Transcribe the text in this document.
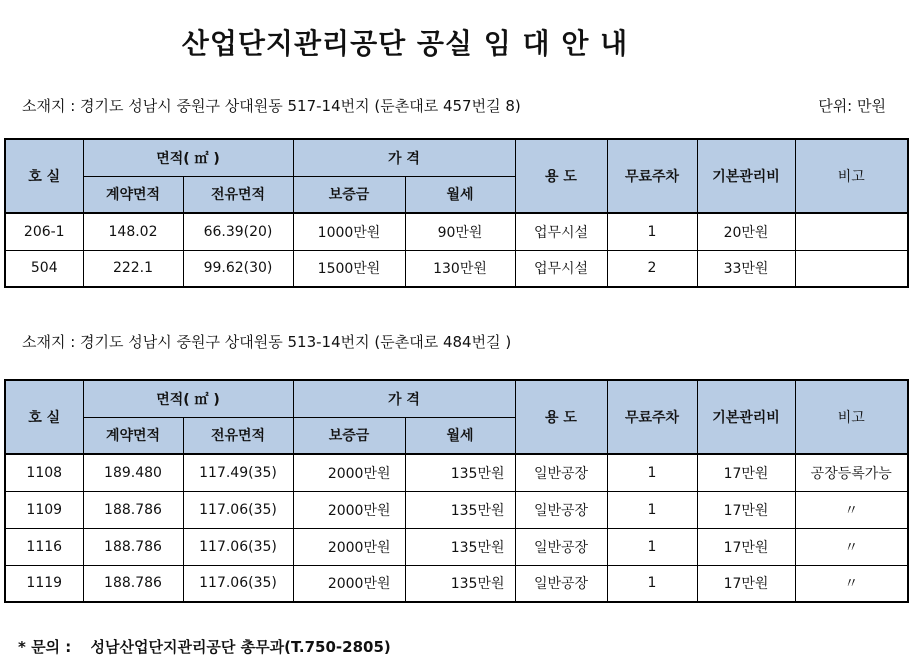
산업단지관리공단 공실 임 대 안 내
소재지 : 경기도 성남시 중원구 상대원동 517-14번지 (둔촌대로 457번길 8)	단위: 만원
호 실	면적( ㎡ )		가 격		용 도	무료주차	기본관리비	비고
	계약면적	전유면적	보증금	월세				
206-1	148.02	66.39(20)	1000만원	90만원	업무시설	1	20만원	
504	222.1	99.62(30)	1500만원	130만원	업무시설	2	33만원	
소재지 : 경기도 성남시 중원구 상대원동 513-14번지 (둔촌대로 484번길 )
호 실	면적( ㎡ )		가 격		용 도	무료주차	기본관리비	비고
	계약면적	전유면적	보증금	월세				
1108	189.480	117.49(35)	2000만원	135만원	일반공장	1	17만원	공장등록가능
1109	188.786	117.06(35)	2000만원	135만원	일반공장	1	17만원	〃
1116	188.786	117.06(35)	2000만원	135만원	일반공장	1	17만원	〃
1119	188.786	117.06(35)	2000만원	135만원	일반공장	1	17만원	〃
* 문의 : 성남산업단지관리공단 총무과(T.750-2805)
